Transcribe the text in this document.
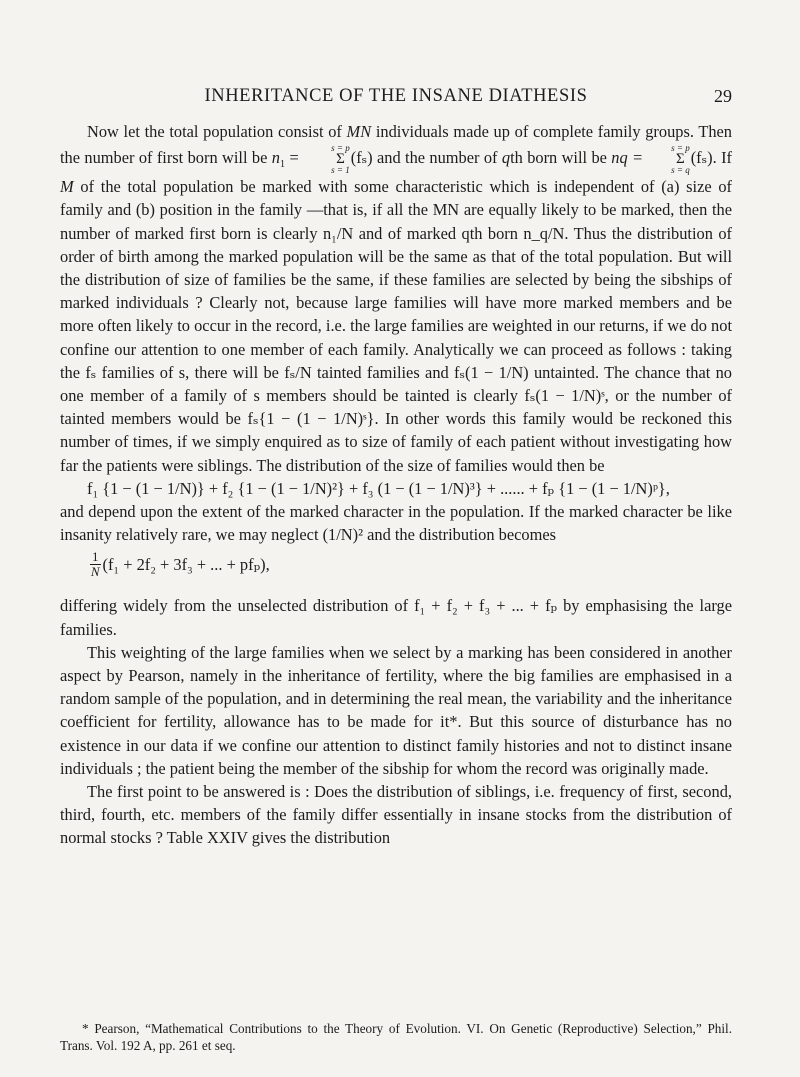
INHERITANCE OF THE INSANE DIATHESIS	29

Now let the total population consist of MN individuals made up of complete family groups. Then the number of first born will be $n_1$ =	s = p
Σ
s = 1
(fₛ) and the number of qth born will be nq =	s = p
Σ
s = q
(fₛ). If M of the total population be marked with some characteristic which is independent of (a) size of family and (b) position in the family —that is, if all the MN are equally likely to be marked, then the number of marked first born is clearly n₁/N and of marked qth born n_q/N. Thus the distribution of order of birth among the marked population will be the same as that of the total population. But will the distribution of size of families be the same, if these families are selected by being the sibships of marked individuals ? Clearly not, because large families will have more marked members and be more often likely to occur in the record, i.e. the large families are weighted in our returns, if we do not confine our attention to one member of each family. Analytically we can proceed as follows : taking the fₛ families of s, there will be fₛ/N tainted families and fₛ(1 − 1/N) untainted. The chance that no one member of a family of s members should be tainted is clearly fₛ(1 − 1/N)ˢ, or the number of tainted members would be fₛ{1 − (1 − 1/N)ˢ}. In other words this family would be reckoned this number of times, if we simply enquired as to size of family of each patient without investigating how far the patients were siblings. The distribution of the size of families would then be

f₁ {1 − (1 − 1/N)} + f₂ {1 − (1 − 1/N)²} + f₃ (1 − (1 − 1/N)³} + ...... + fₚ {1 − (1 − 1/N)ᵖ},

and depend upon the extent of the marked character in the population. If the marked character be like insanity relatively rare, we may neglect (1/N)² and the distribution becomes

$\frac{1}{N} (f_1 + 2f_2 + 3f_3$ + ... + pfₚ),

differing widely from the unselected distribution of f₁ + f₂ + f₃ + ... + fₚ by emphasising the large families.

This weighting of the large families when we select by a marking has been considered in another aspect by Pearson, namely in the inheritance of fertility, where the big families are emphasised in a random sample of the population, and in determining the real mean, the variability and the inheritance coefficient for fertility, allowance has to be made for it*. But this source of disturbance has no existence in our data if we confine our attention to distinct family histories and not to distinct insane individuals ; the patient being the member of the sibship for whom the record was originally made.

The first point to be answered is : Does the distribution of siblings, i.e. frequency of first, second, third, fourth, etc. members of the family differ essentially in insane stocks from the distribution of normal stocks ? Table XXIV gives the distribution

* Pearson, “Mathematical Contributions to the Theory of Evolution. VI. On Genetic (Reproductive) Selection,” Phil. Trans. Vol. 192 A, pp. 261 et seq.
